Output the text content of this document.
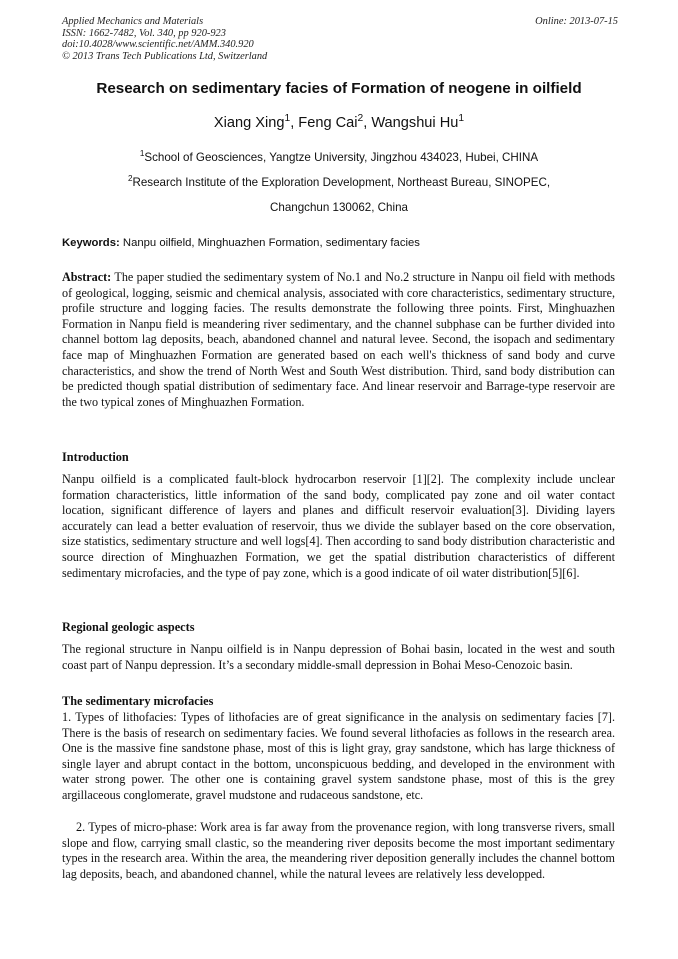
Applied Mechanics and Materials
ISSN: 1662-7482, Vol. 340, pp 920-923
doi:10.4028/www.scientific.net/AMM.340.920
© 2013 Trans Tech Publications Ltd, Switzerland
Online: 2013-07-15
Research on sedimentary facies of Formation of neogene in oilfield
Xiang Xing$^1$, Feng Cai$^2$, Wangshui Hu$^1$
$^1$School of Geosciences, Yangtze University, Jingzhou 434023, Hubei, CHINA
$^2$Research Institute of the Exploration Development, Northeast Bureau, SINOPEC,
Changchun 130062, China
Keywords: Nanpu oilfield, Minghuazhen Formation, sedimentary facies
Abstract: The paper studied the sedimentary system of No.1 and No.2 structure in Nanpu oil field with methods of geological, logging, seismic and chemical analysis, associated with core characteristics, sedimentary structure, profile structure and logging facies. The results demonstrate the following three points. First, Minghuazhen Formation in Nanpu field is meandering river sedimentary, and the channel subphase can be further divided into channel bottom lag deposits, beach, abandoned channel and natural levee. Second, the isopach and sedimentary face map of Minghuazhen Formation are generated based on each well's thickness of sand body and curve characteristics, and show the trend of North West and South West distribution. Third, sand body distribution can be predicted though spatial distribution of sedimentary face. And linear reservoir and Barrage-type reservoir are the two typical zones of Minghuazhen Formation.
Introduction
Nanpu oilfield is a complicated fault-block hydrocarbon reservoir [1][2]. The complexity include unclear formation characteristics, little information of the sand body, complicated pay zone and oil water contact location, significant difference of layers and planes and difficult reservoir evaluation[3]. Dividing layers accurately can lead a better evaluation of reservoir, thus we divide the sublayer based on the core observation, size statistics, sedimentary structure and well logs[4]. Then according to sand body distribution characteristic and source direction of Minghuazhen Formation, we get the spatial distribution characteristics of different sedimentary microfacies, and the type of pay zone, which is a good indicate of oil water distribution[5][6].
Regional geologic aspects
The regional structure in Nanpu oilfield is in Nanpu depression of Bohai basin, located in the west and south coast part of Nanpu depression. It’s a secondary middle-small depression in Bohai Meso-Cenozoic basin.
The sedimentary microfacies
1. Types of lithofacies: Types of lithofacies are of great significance in the analysis on sedimentary facies [7]. There is the basis of research on sedimentary facies. We found several lithofacies as follows in the research area. One is the massive fine sandstone phase, most of this is light gray, gray sandstone, which has large thickness of single layer and abrupt contact in the bottom, unconspicuous bedding, and developed in the environment with water strong power. The other one is containing gravel system sandstone phase, most of this is the grey argillaceous conglomerate, gravel mudstone and rudaceous sandstone, etc.
2. Types of micro-phase: Work area is far away from the provenance region, with long transverse rivers, small slope and flow, carrying small clastic, so the meandering river deposits become the most important sedimentary types in the research area. Within the area, the meandering river deposition generally includes the channel bottom lag deposits, beach, and abandoned channel, while the natural levees are relatively less developped.
